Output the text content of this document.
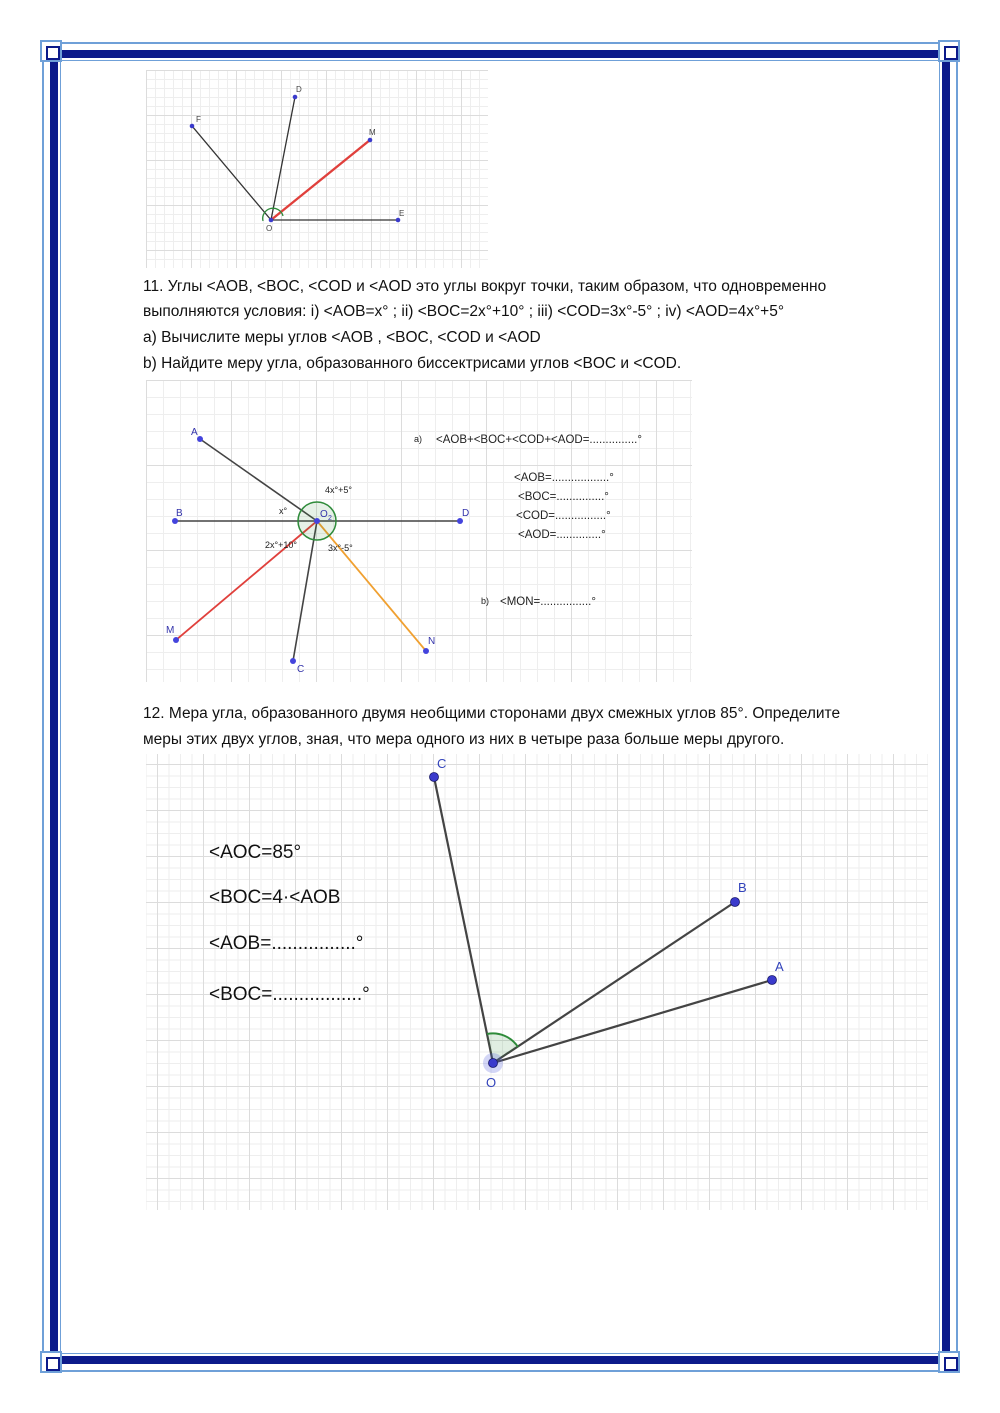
F
D
M
E
O
11. Углы <AOB, <BOC, <COD и <AOD это углы вокруг точки, таким образом, что одновременно
выполняются условия: i) <AOB=x° ; ii) <BOC=2x°+10° ; iii) <COD=3x°-5° ; iv) <AOD=4x°+5°
a) Вычислите меры углов <AOB , <BOC, <COD и <AOD
b) Найдите меру угла, образованного биссектрисами углов <BOC и <COD.
A
B	D
M
C
N
O 2
x°
4x°+5°
2x°+10°	3x°-5°
a) <AOB+<BOC+<COD+<AOD=...............°
<AOB=..................°
<BOC=...............°
<COD=................°
<AOD=..............°
b) <MON=................°
12. Мера угла, образованного двумя необщими сторонами двух смежных углов 85°. Определите
меры этих двух углов, зная, что мера одного из них в четыре раза больше меры другого.
C
B
A
O
<AOC=85°
<BOC=4·<AOB
<AOB=................°
<BOC=.................°
